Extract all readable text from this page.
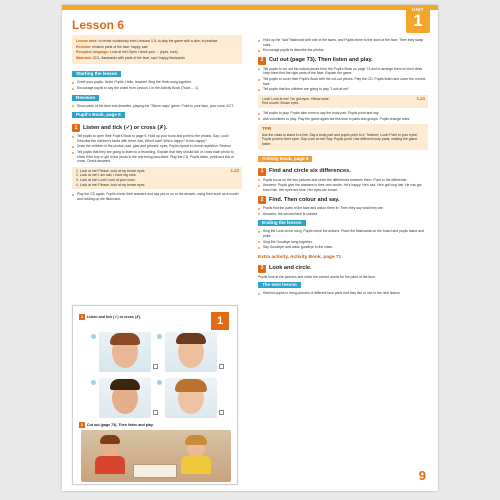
UNIT
1
Lesson 6

Lesson aims: to revise vocabulary from Lessons 1-5; to play the game with a dice; to practise

Revision: revision parts of the face; happy, sad

Receptive language: Look at me! Open / close your ... (eyes, ears)

Materials: CD1, flashcards with parts of the face, sad / happy flashcards

Starting the lesson
Greet your pupils. Hello! Pupils, Hello, teacher! Sing the Hello song together.
Encourage pupils to say the chant from Lesson 1 in the Activity Book (Track ... 1).
Revision
Show parts of the face and describe, playing the "Simon says" game. Point to your face, your nose, ACT.
Pupil's Book, page 9
1	Listen and tick (✓) or cross (✗).
Tell pupils to open their Pupil's Book to page 9. Hold up your book and point to the photos. Say, Look! Describe the children's faces with them. Ask, Who's sad? Who's happy? Is this happy?
Draw the children in the photos; sad, glad and grinned, eyes, Pupils repeat in choral repetition. Review.
Tell pupils that they are going to listen to a recording. Explain that they should tick or cross each photo to show if the boy or girl in the photo is the one being described. Play the CD. Pupils listen, point and tick or cross. Check answers.
1.23
1. Look at me! Please, look at my brown eyes.
2. Look at me! I am sad, I have big ears.
3. Look at me! Look! Look at your nose.
4. Look at me! Please, look at my brown eyes.
Play the CD again. Pupils check their answers and say yes or no to the answer, using their book as a model and holding up the flashcard.
1	Listen and tick (✓) or cross (✗).	1
2	Cut out (page 73). Then listen and play.
Hold up the "sad" flashcard with one of the faces, and Pupils mime to the word of the face. Then they swap roles.
Encourage pupils to describe the photos.
2	Cut out (page 73). Then listen and play.
Tell pupils to cut out the cutout pieces from the Pupil's Book on page 73 and to arrange them on their desk. Help them find the right parts of the face. Explain the game.
Tell pupils to cover their Pupil's Book with the cut-out pieces. Play the CD. Pupils listen and cover the correct face.
Tell pupils that the children are going to play "Look at me".
1.24
Look! Look at me! I've got eyes. Yellow nose.
Red mouth. Brown eyes.
Tell pupils to play. Pupils take turns to say the body part. Pupils point and say.
Ask volunteers to play. Play the game again but this time in pairs and groups. Pupils change roles.
TPR
Ask the class to stand in a line. Say a body part and pupils point to it. Teacher: Look! Point to your eyes! Pupils point to their eyes. Say Look at me! Say: Pupils point. Use different body parts, making the game faster.
Activity Book, page 9
1	Find and circle six differences.
Pupils focus on the two pictures and circle the differences between them. Point to the difference.
Answers: Pupils give the answers in their own words. He's happy. He's sad. He's got long hair. He has got short hair. Her eyes are blue. Her eyes are brown.
2	Find. Then colour and say.
Pupils find the parts of the face and colour them in. Then they say what they are.
Answers: the second face is colored.
Ending the lesson
Sing the Look at me song. Pupils mime the actions. Place the flashcards on the board and pupils stand and point.
Sing the Goodbye song together.
Say Goodbye! and wave goodbye to the class.
Extra activity, Activity Book, page 71
3	Look and circle.
Pupils look at the pictures and circle the correct words for the parts of the face.
The next lesson
Remind pupils to bring pictures of different face parts that they like to use in the next lesson.
9
